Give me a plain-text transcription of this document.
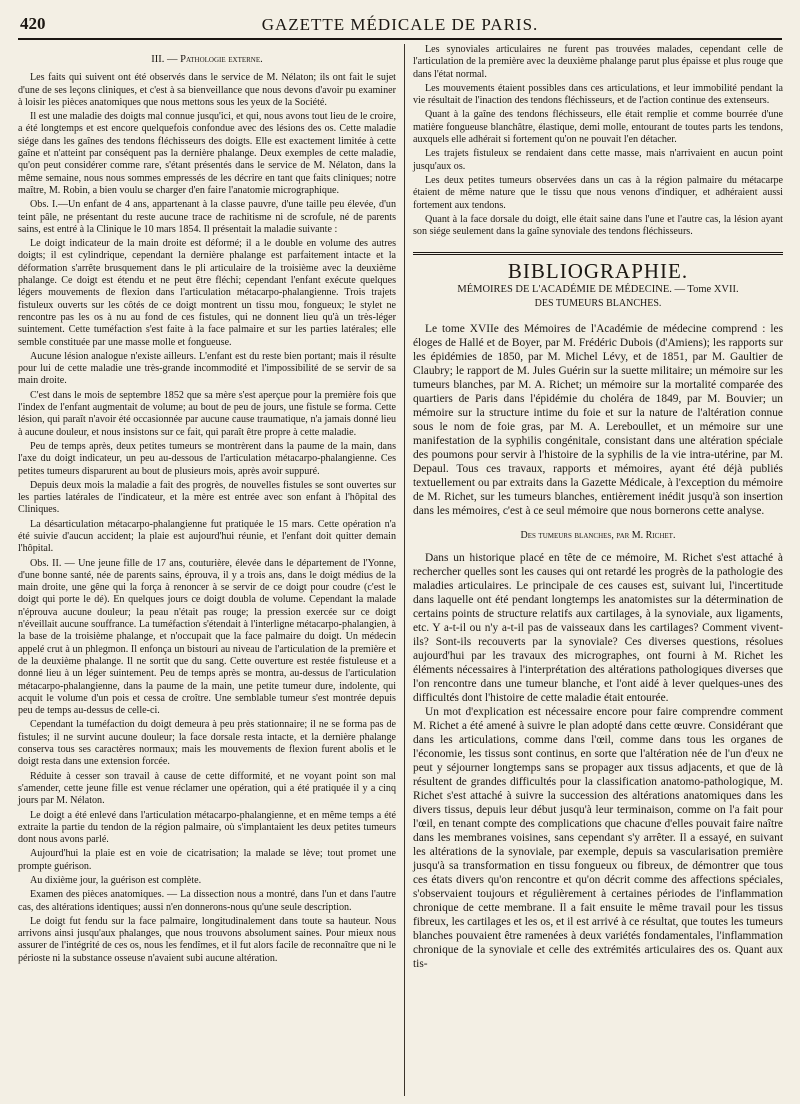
420	GAZETTE MÉDICALE DE PARIS.
III. — Pathologie externe.

Les faits qui suivent ont été observés dans le service de M. Nélaton; ils ont fait le sujet d'une de ses leçons cliniques, et c'est à sa bienveillance que nous devons d'avoir pu examiner à loisir les pièces anatomiques que nous mettons sous les yeux de la Société.

Il est une maladie des doigts mal connue jusqu'ici, et qui, nous avons tout lieu de le croire, a été longtemps et est encore quelquefois confondue avec des lésions des os. Cette maladie siége dans les gaînes des tendons fléchisseurs des doigts. Elle est exactement limitée à cette gaîne et n'atteint par conséquent pas la dernière phalange. Deux exemples de cette maladie, qu'on peut considérer comme rare, s'étant présentés dans le service de M. Nélaton, dans la même semaine, nous nous sommes empressés de les décrire en tant que faits cliniques; notre maître, M. Robin, a bien voulu se charger d'en faire l'anatomie micrographique.

Obs. I.—Un enfant de 4 ans, appartenant à la classe pauvre, d'une taille peu élevée, d'un teint pâle, ne présentant du reste aucune trace de rachitisme ni de scrofule, né de parents sains, est entré à la Clinique le 10 mars 1854. Il présentait la maladie suivante :

Le doigt indicateur de la main droite est déformé; il a le double en volume des autres doigts; il est cylindrique, cependant la dernière phalange est parfaitement intacte et la déformation s'arrête brusquement dans le pli articulaire de la troisième avec la deuxième phalange. Ce doigt est étendu et ne peut être fléchi; cependant l'enfant exécute quelques légers mouvements de flexion dans l'articulation métacarpo-phalangienne. Trois trajets fistuleux ouverts sur les côtés de ce doigt montrent un tissu mou, fongueux; le stylet ne rencontre pas les os à nu au fond de ces fistules, qui ne donnent lieu qu'à un très-léger suintement. Cette tuméfaction s'est faite à la face palmaire et sur les parties latérales; elle semble constituée par une masse molle et fongueuse.

Aucune lésion analogue n'existe ailleurs. L'enfant est du reste bien portant; mais il résulte pour lui de cette maladie une très-grande incommodité et l'impossibilité de se servir de sa main droite.

C'est dans le mois de septembre 1852 que sa mère s'est aperçue pour la première fois que l'index de l'enfant augmentait de volume; au bout de peu de jours, une fistule se forma. Cette lésion, qui paraît n'avoir été occasionnée par aucune cause traumatique, n'a jamais donné lieu à aucune douleur, et nous insistons sur ce fait, qui paraît être propre à cette maladie.

Peu de temps après, deux petites tumeurs se montrèrent dans la paume de la main, dans l'axe du doigt indicateur, un peu au-dessous de l'articulation métacarpo-phalangienne. Ces petites tumeurs disparurent au bout de plusieurs mois, après avoir suppuré.

Depuis deux mois la maladie a fait des progrès, de nouvelles fistules se sont ouvertes sur les parties latérales de l'indicateur, et la mère est entrée avec son enfant à l'hôpital des Cliniques.

La désarticulation métacarpo-phalangienne fut pratiquée le 15 mars. Cette opération n'a été suivie d'aucun accident; la plaie est aujourd'hui réunie, et l'enfant doit quitter demain l'hôpital.

Obs. II. — Une jeune fille de 17 ans, couturière, élevée dans le département de l'Yonne, d'une bonne santé, née de parents sains, éprouva, il y a trois ans, dans le doigt médius de la main droite, une gêne qui la força à renoncer à se servir de ce doigt pour coudre (c'est le doigt qui porte le dé). En quelques jours ce doigt doubla de volume. Cependant la malade n'éprouva aucune douleur; la peau n'était pas rouge; la pression exercée sur ce doigt n'éveillait aucune souffrance. La tuméfaction s'étendait à l'interligne métacarpo-phalangien, à la base de la troisième phalange, et n'occupait que la face palmaire du doigt. Un médecin appelé crut à un phlegmon. Il enfonça un bistouri au niveau de l'articulation de la première et de la deuxième phalange. Il ne sortit que du sang. Cette ouverture est restée fistuleuse et a donné lieu à un léger suintement. Peu de temps après se montra, au-dessus de l'articulation métacarpo-phalangienne, dans la paume de la main, une petite tumeur dure, indolente, qui acquit le volume d'un pois et cessa de croître. Une semblable tumeur s'est montrée depuis peu de temps au-dessus de celle-ci.

Cependant la tuméfaction du doigt demeura à peu près stationnaire; il ne se forma pas de fistules; il ne survint aucune douleur; la face dorsale resta intacte, et la dernière phalange conserva tous ses caractères normaux; mais les mouvements de flexion furent abolis et le doigt resta dans une extension forcée.

Réduite à cesser son travail à cause de cette difformité, et ne voyant point son mal s'amender, cette jeune fille est venue réclamer une opération, qui a été pratiquée il y a cinq jours par M. Nélaton.

Le doigt a été enlevé dans l'articulation métacarpo-phalangienne, et en même temps a été extraite la partie du tendon de la région palmaire, où s'implantaient les deux petites tumeurs dont nous avons parlé.

Aujourd'hui la plaie est en voie de cicatrisation; la malade se lève; tout promet une prompte guérison.

Au dixième jour, la guérison est complète.

Examen des pièces anatomiques. — La dissection nous a montré, dans l'un et dans l'autre cas, des altérations identiques; aussi n'en donnerons-nous qu'une seule description.

Le doigt fut fendu sur la face palmaire, longitudinalement dans toute sa hauteur. Nous arrivons ainsi jusqu'aux phalanges, que nous trouvons absolument saines. Pour mieux nous assurer de l'intégrité de ces os, nous les fendîmes, et il fut alors facile de reconnaître que ni le périoste ni la substance osseuse n'avaient subi aucune altération.

Les synoviales articulaires ne furent pas trouvées malades, cependant celle de l'articulation de la première avec la deuxième phalange parut plus épaisse et plus rouge que dans l'état normal.

Les mouvements étaient possibles dans ces articulations, et leur immobilité pendant la vie résultait de l'inaction des tendons fléchisseurs, et de l'action continue des extenseurs.

Quant à la gaîne des tendons fléchisseurs, elle était remplie et comme bourrée d'une matière fongueuse blanchâtre, élastique, demi molle, entourant de toutes parts les tendons, auxquels elle adhérait si fortement qu'on ne pouvait l'en détacher.

Les trajets fistuleux se rendaient dans cette masse, mais n'arrivaient en aucun point jusqu'aux os.

Les deux petites tumeurs observées dans un cas à la région palmaire du métacarpe étaient de même nature que le tissu que nous venons d'indiquer, et adhéraient aussi fortement aux tendons.

Quant à la face dorsale du doigt, elle était saine dans l'une et l'autre cas, la lésion ayant son siége seulement dans la gaîne synoviale des tendons fléchisseurs.

BIBLIOGRAPHIE.
MÉMOIRES DE L'ACADÉMIE DE MÉDECINE. — Tome XVII.
DES TUMEURS BLANCHES.

Le tome XVIIe des Mémoires de l'Académie de médecine comprend : les éloges de Hallé et de Boyer, par M. Frédéric Dubois (d'Amiens); les rapports sur les épidémies de 1850, par M. Michel Lévy, et de 1851, par M. Gaultier de Claubry; le rapport de M. Jules Guérin sur la suette militaire; un mémoire sur les tumeurs blanches, par M. A. Richet; un mémoire sur la mortalité comparée des quartiers de Paris dans l'épidémie du choléra de 1849, par M. Bouvier; un mémoire sur la structure intime du foie et sur la nature de l'altération connue sous le nom de foie gras, par M. A. Lereboullet, et un mémoire sur une manifestation de la syphilis congénitale, consistant dans une altération spéciale des poumons pour servir à l'histoire de la syphilis de la vie intra-utérine, par M. Depaul. Tous ces travaux, rapports et mémoires, ayant été déjà publiés textuellement ou par extraits dans la Gazette Médicale, à l'exception du mémoire de M. Richet, sur les tumeurs blanches, entièrement inédit jusqu'à son insertion dans les mémoires, c'est à ce seul mémoire que nous bornerons cette analyse.

Des tumeurs blanches, par M. Richet.

Dans un historique placé en tête de ce mémoire, M. Richet s'est attaché à rechercher quelles sont les causes qui ont retardé les progrès de la pathologie des maladies articulaires. Le principale de ces causes est, suivant lui, l'incertitude dans laquelle ont été pendant longtemps les anatomistes sur la détermination de certains points de structure relatifs aux cartilages, à la synoviale, aux ligaments, etc. Y a-t-il ou n'y a-t-il pas de vaisseaux dans les cartilages? Comment vivent-ils? Sont-ils recouverts par la synoviale? Ces diverses questions, résolues aujourd'hui par les travaux des micrographes, ont fourni à M. Richet les éléments nécessaires à l'interprétation des altérations pathologiques diverses que l'on rencontre dans une tumeur blanche, et l'ont aidé à lever quelques-unes des difficultés dont l'histoire de cette maladie était entourée.

Un mot d'explication est nécessaire encore pour faire comprendre comment M. Richet a été amené à suivre le plan adopté dans cette œuvre. Considérant que dans les articulations, comme dans l'œil, comme dans tous les organes de l'économie, les tissus sont continus, en sorte que l'altération née de l'un d'eux ne peut y séjourner longtemps sans se propager aux tissus adjacents, et que de là résultent de grandes difficultés pour la classification anatomo-pathologique, M. Richet s'est attaché à suivre la succession des altérations anatomiques dans les divers tissus, depuis leur début jusqu'à leur terminaison, comme on l'a fait pour l'œil, en tenant compte des complications que chacune d'elles pouvait faire naître dans les membranes voisines, sans cependant s'y arrêter. Il a essayé, en suivant les altérations de la synoviale, par exemple, depuis sa vascularisation première jusqu'à sa transformation en tissu fongueux ou fibreux, de démontrer que tous ces états divers qu'on rencontre et qu'on décrit comme des affections spéciales, s'observaient toujours et régulièrement à certaines périodes de l'inflammation chronique de cette membrane. Il a fait ensuite le même travail pour les tissus fibreux, les cartilages et les os, et il est arrivé à ce résultat, que toutes les tumeurs blanches pouvaient être ramenées à deux variétés fondamentales, l'inflammation chronique de la synoviale et celle des extrémités articulaires des os. Quant aux tis-
